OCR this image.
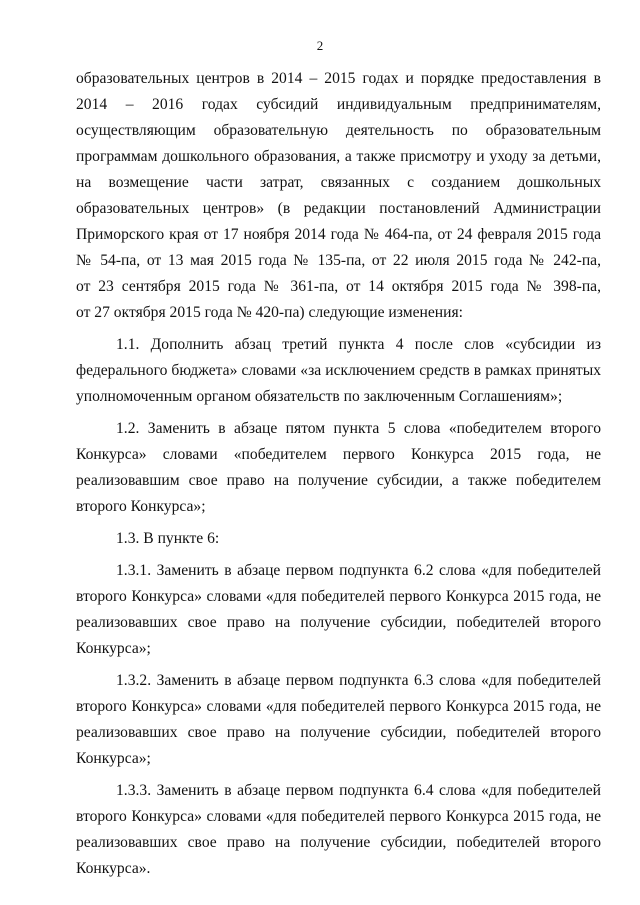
2
образовательных центров в 2014 – 2015 годах и порядке предоставления в
2014 – 2016 годах субсидий индивидуальным предпринимателям,
осуществляющим образовательную деятельность по образовательным
программам дошкольного образования, а также присмотру и уходу за детьми,
на возмещение части затрат, связанных с созданием дошкольных
образовательных центров» (в редакции постановлений Администрации
Приморского края от 17 ноября 2014 года № 464-па, от 24 февраля 2015 года
№ 54-па, от 13 мая 2015 года № 135-па, от 22 июля 2015 года № 242-па,
от 23 сентября 2015 года № 361-па, от 14 октября 2015 года № 398-па,
от 27 октября 2015 года № 420-па) следующие изменения:
1.1. Дополнить абзац третий пункта 4 после слов «субсидии из
федерального бюджета» словами «за исключением средств в рамках принятых
уполномоченным органом обязательств по заключенным Соглашениям»;
1.2. Заменить в абзаце пятом пункта 5 слова «победителем второго
Конкурса» словами «победителем первого Конкурса 2015 года, не
реализовавшим свое право на получение субсидии, а также победителем
второго Конкурса»;
1.3. В пункте 6:
1.3.1. Заменить в абзаце первом подпункта 6.2 слова «для победителей
второго Конкурса» словами «для победителей первого Конкурса 2015 года, не
реализовавших свое право на получение субсидии, победителей второго
Конкурса»;
1.3.2. Заменить в абзаце первом подпункта 6.3 слова «для победителей
второго Конкурса» словами «для победителей первого Конкурса 2015 года, не
реализовавших свое право на получение субсидии, победителей второго
Конкурса»;
1.3.3. Заменить в абзаце первом подпункта 6.4 слова «для победителей
второго Конкурса» словами «для победителей первого Конкурса 2015 года, не
реализовавших свое право на получение субсидии, победителей второго
Конкурса».
